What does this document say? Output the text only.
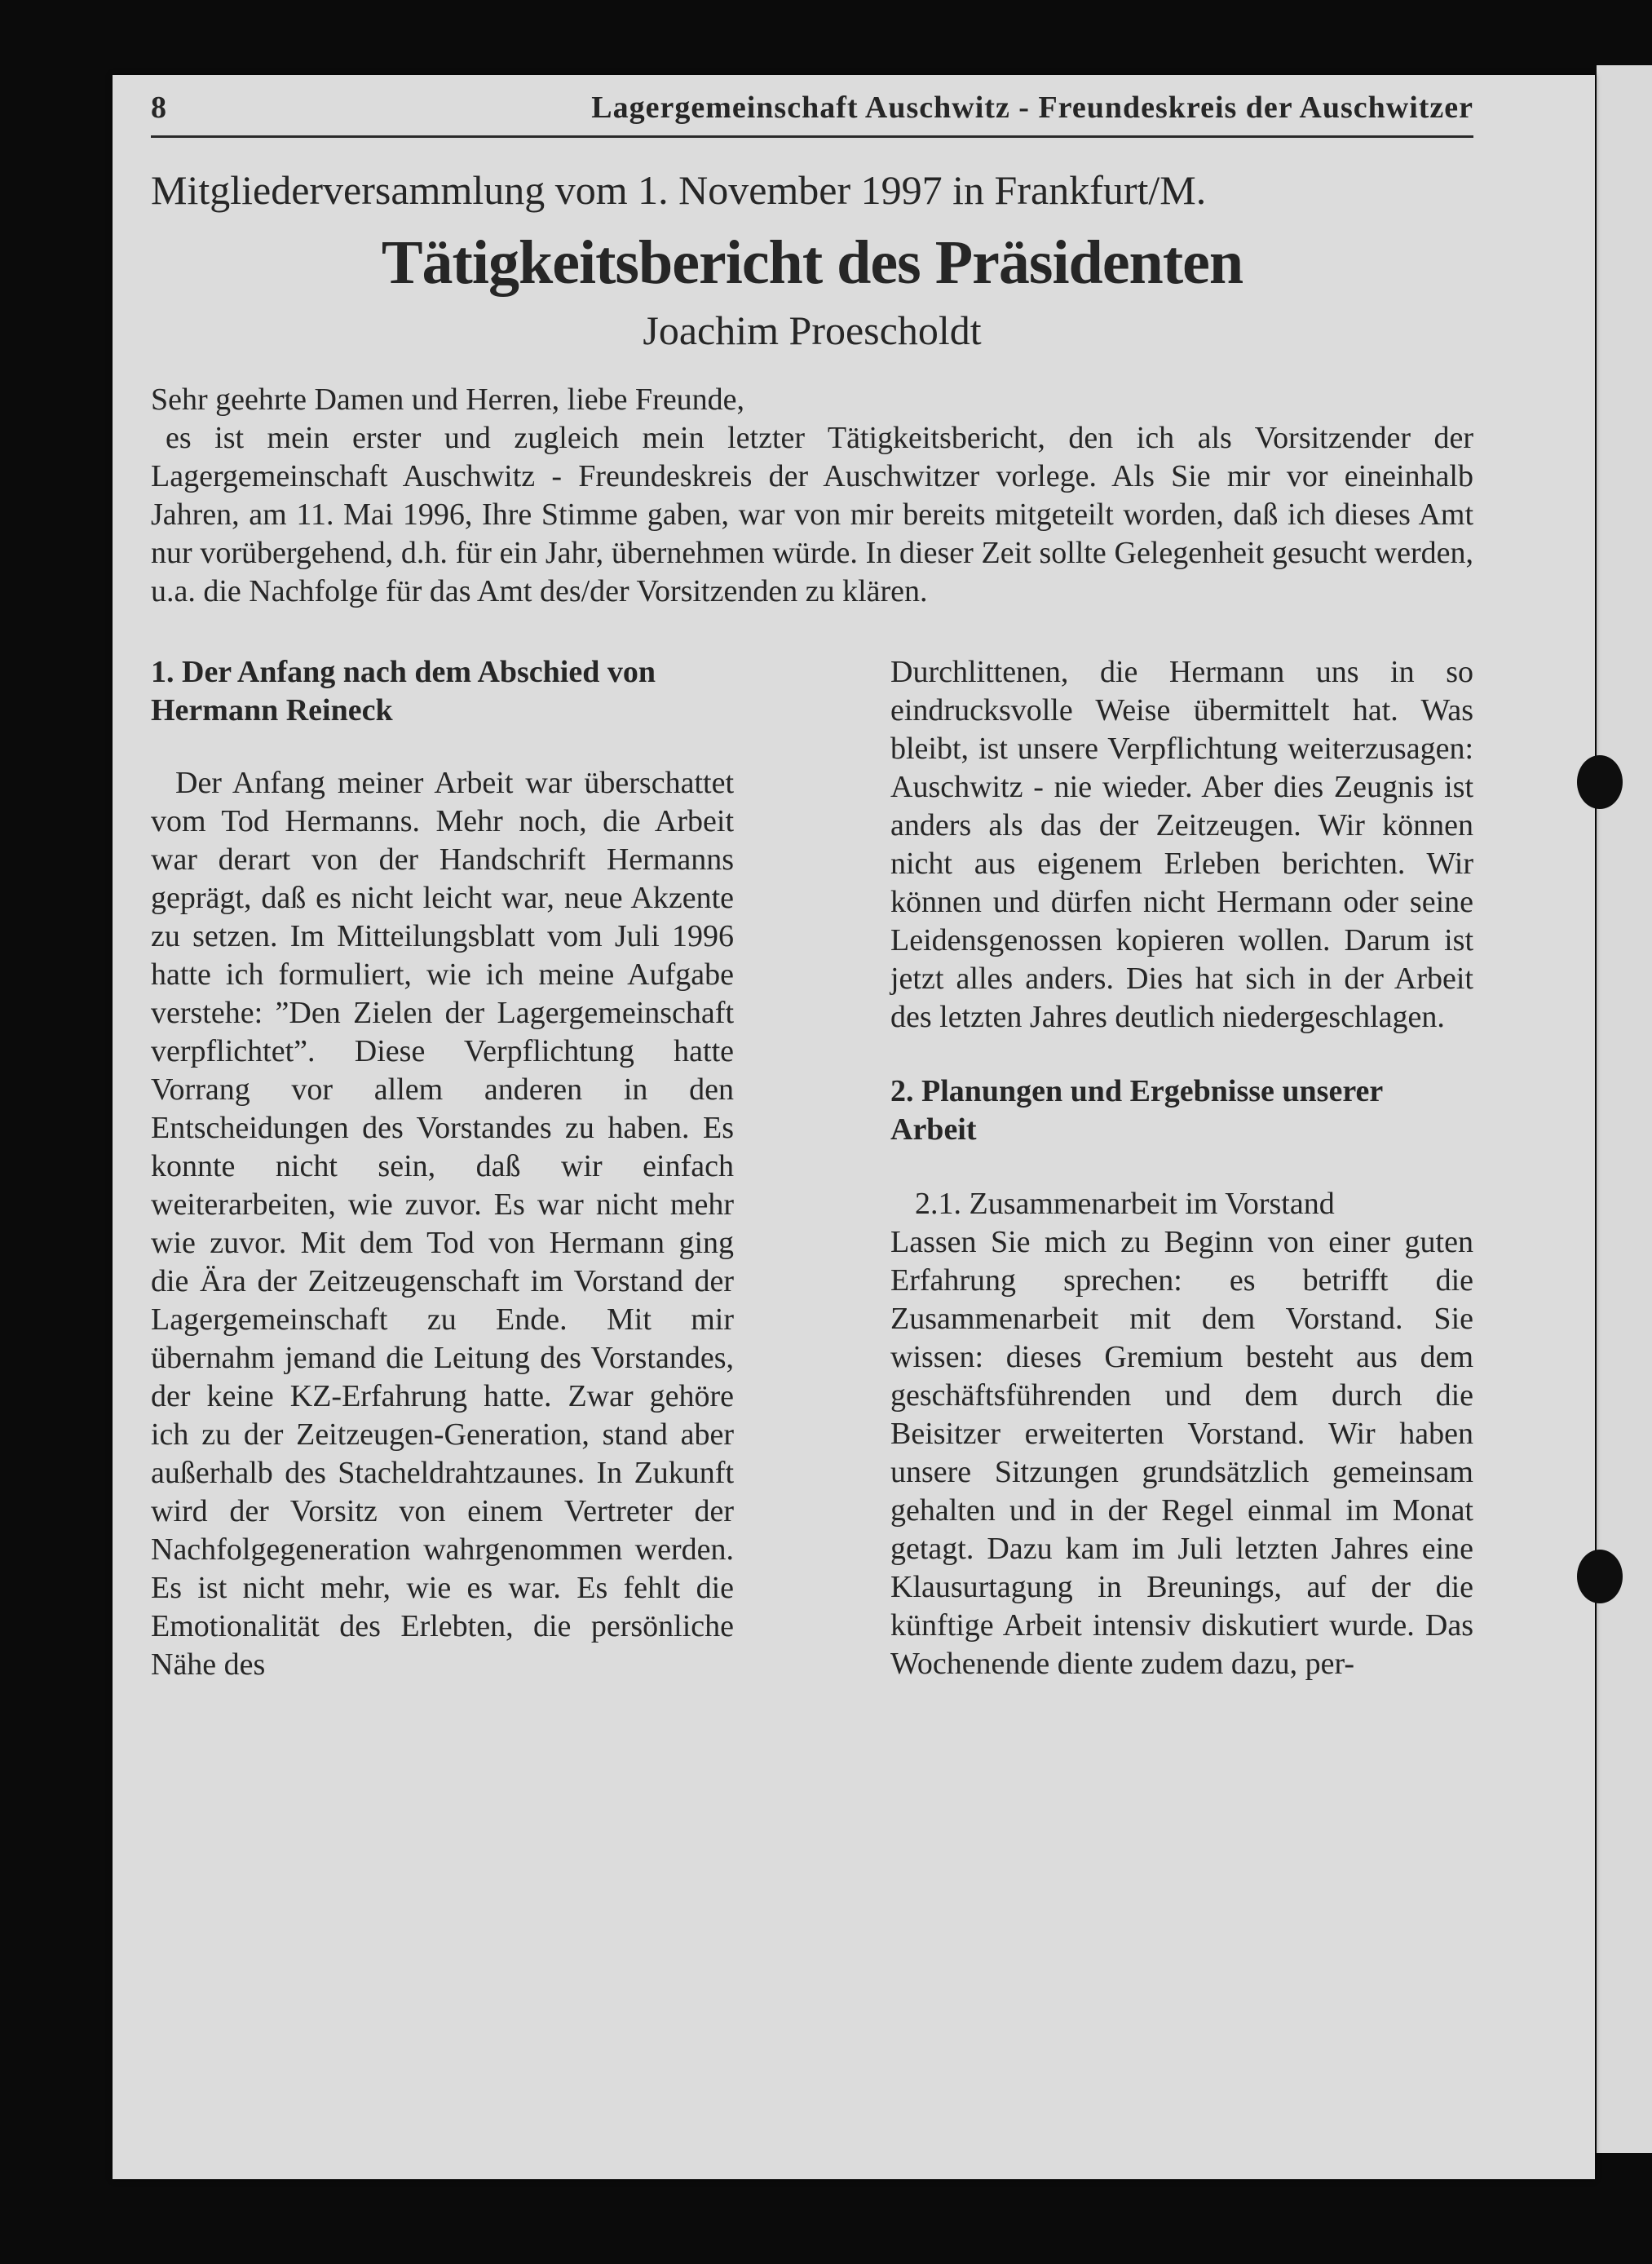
8	Lagergemeinschaft Auschwitz - Freundeskreis der Auschwitzer
Mitgliederversammlung vom 1. November 1997 in Frankfurt/M.
Tätigkeitsbericht des Präsidenten
Joachim Proescholdt
Sehr geehrte Damen und Herren, liebe Freunde,
es ist mein erster und zugleich mein letzter Tätigkeitsbericht, den ich als Vorsitzender der Lagergemeinschaft Auschwitz - Freundeskreis der Auschwitzer vorlege. Als Sie mir vor eineinhalb Jahren, am 11. Mai 1996, Ihre Stimme gaben, war von mir bereits mitgeteilt worden, daß ich dieses Amt nur vorübergehend, d.h. für ein Jahr, übernehmen würde. In dieser Zeit sollte Gelegenheit gesucht werden, u.a. die Nachfolge für das Amt des/der Vorsitzenden zu klären.
1. Der Anfang nach dem Abschied von Hermann Reineck
Der Anfang meiner Arbeit war überschattet vom Tod Hermanns. Mehr noch, die Arbeit war derart von der Handschrift Hermanns geprägt, daß es nicht leicht war, neue Akzente zu setzen. Im Mitteilungsblatt vom Juli 1996 hatte ich formuliert, wie ich meine Aufgabe verstehe: ”Den Zielen der Lagergemeinschaft verpflichtet”. Diese Verpflichtung hatte Vorrang vor allem anderen in den Entscheidungen des Vorstandes zu haben. Es konnte nicht sein, daß wir einfach weiterarbeiten, wie zuvor. Es war nicht mehr wie zuvor. Mit dem Tod von Hermann ging die Ära der Zeitzeugenschaft im Vorstand der Lagergemeinschaft zu Ende. Mit mir übernahm jemand die Leitung des Vorstandes, der keine KZ-Erfahrung hatte. Zwar gehöre ich zu der Zeitzeugen-Generation, stand aber außerhalb des Stacheldrahtzaunes. In Zukunft wird der Vorsitz von einem Vertreter der Nachfolgegeneration wahrgenommen werden. Es ist nicht mehr, wie es war. Es fehlt die Emotionalität des Erlebten, die persönliche Nähe des
Durchlittenen, die Hermann uns in so eindrucksvolle Weise übermittelt hat. Was bleibt, ist unsere Verpflichtung weiterzusagen: Auschwitz - nie wieder. Aber dies Zeugnis ist anders als das der Zeitzeugen. Wir können nicht aus eigenem Erleben berichten. Wir können und dürfen nicht Hermann oder seine Leidensgenossen kopieren wollen. Darum ist jetzt alles anders. Dies hat sich in der Arbeit des letzten Jahres deutlich niedergeschlagen.
2. Planungen und Ergebnisse unserer Arbeit
2.1. Zusammenarbeit im Vorstand
Lassen Sie mich zu Beginn von einer guten Erfahrung sprechen: es betrifft die Zusammenarbeit mit dem Vorstand. Sie wissen: dieses Gremium besteht aus dem geschäftsführenden und dem durch die Beisitzer erweiterten Vorstand. Wir haben unsere Sitzungen grundsätzlich gemeinsam gehalten und in der Regel einmal im Monat getagt. Dazu kam im Juli letzten Jahres eine Klausurtagung in Breunings, auf der die künftige Arbeit intensiv diskutiert wurde. Das Wochenende diente zudem dazu, per-
